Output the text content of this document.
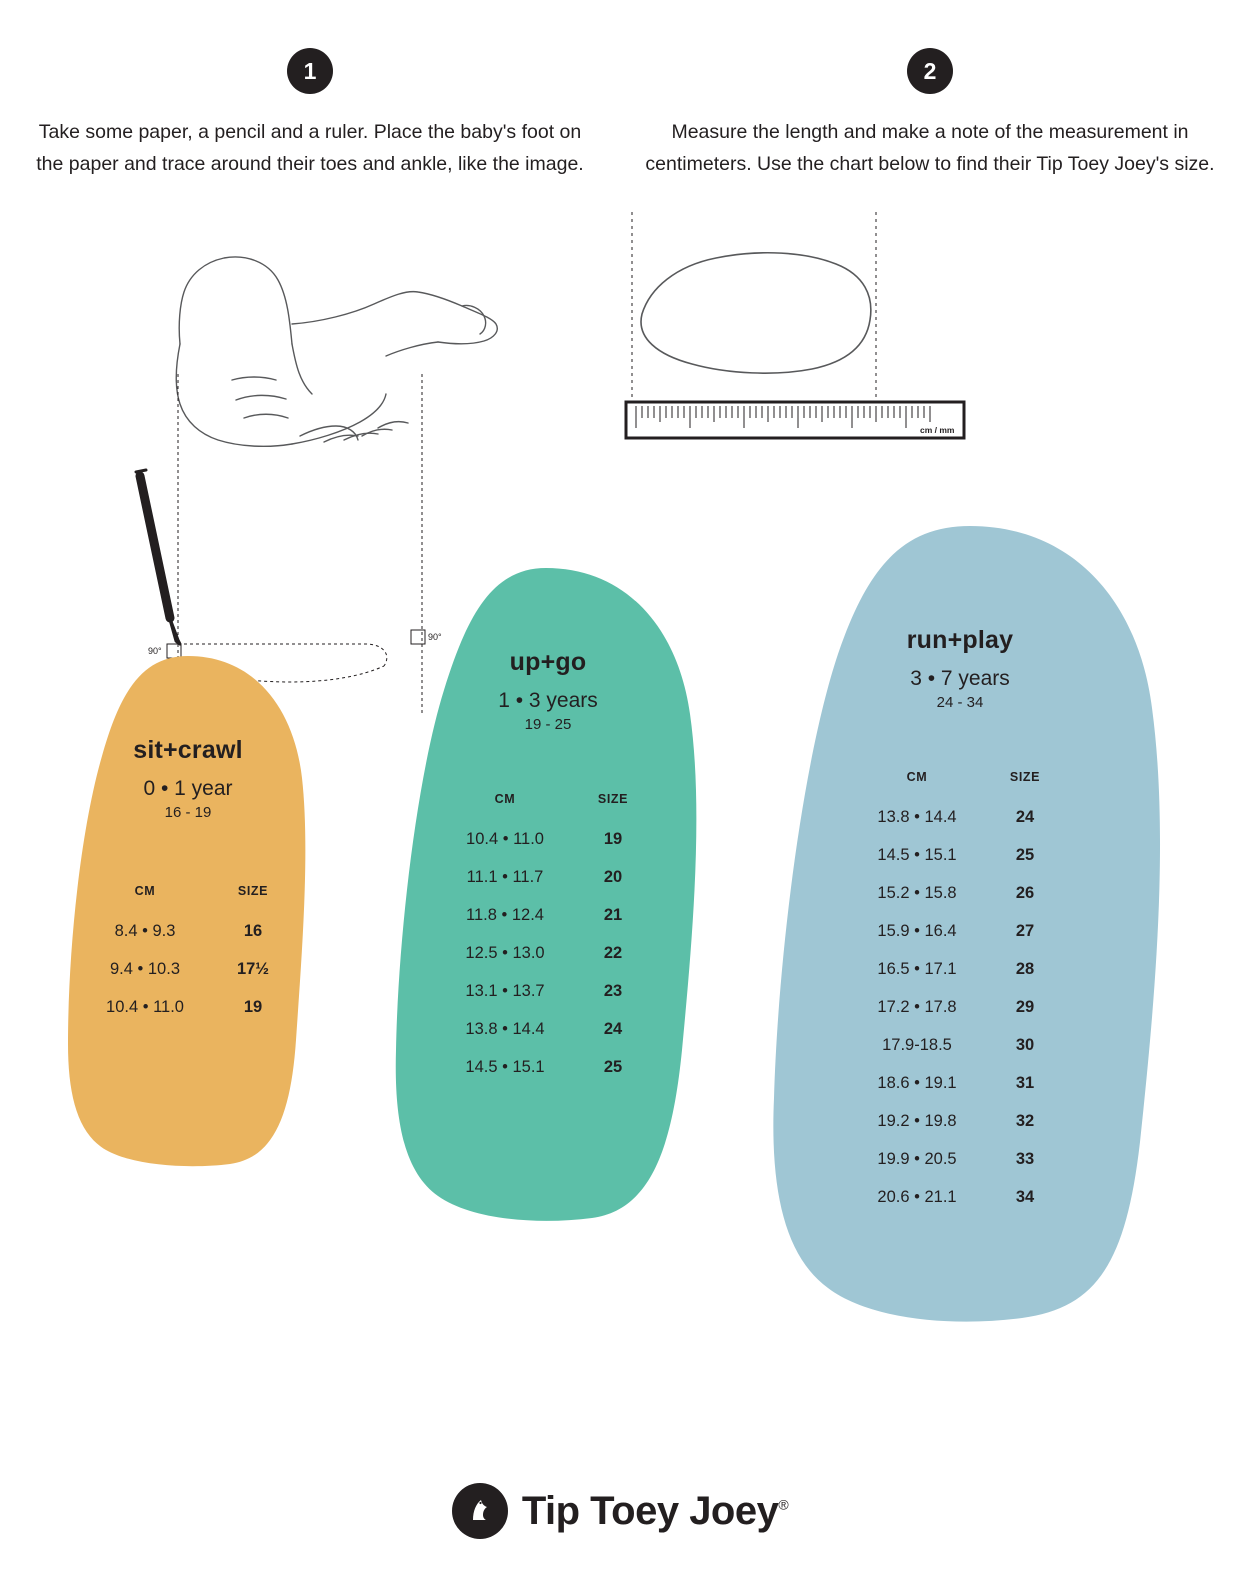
1
Take some paper, a pencil and a ruler. Place the baby's foot on the paper and trace around their toes and ankle, like the image.
90°
90°
2
Measure the length and make a note of the measurement in centimeters. Use the chart below to find their Tip Toey Joey's size.
cm / mm
sit+crawl
0 • 1 year
16 - 19
CM	SIZE
8.4 • 9.3	16
9.4 • 10.3	17½
10.4 • 11.0	19
up+go
1 • 3 years
19 - 25
CM	SIZE
10.4 • 11.0	19
11.1 • 11.7	20
11.8 • 12.4	21
12.5 • 13.0	22
13.1 • 13.7	23
13.8 • 14.4	24
14.5 • 15.1	25
run+play
3 • 7 years
24 - 34
CM	SIZE
13.8 • 14.4	24
14.5 • 15.1	25
15.2 • 15.8	26
15.9 • 16.4	27
16.5 • 17.1	28
17.2 • 17.8	29
17.9-18.5	30
18.6 • 19.1	31
19.2 • 19.8	32
19.9 • 20.5	33
20.6 • 21.1	34
Tip Toey Joey®
